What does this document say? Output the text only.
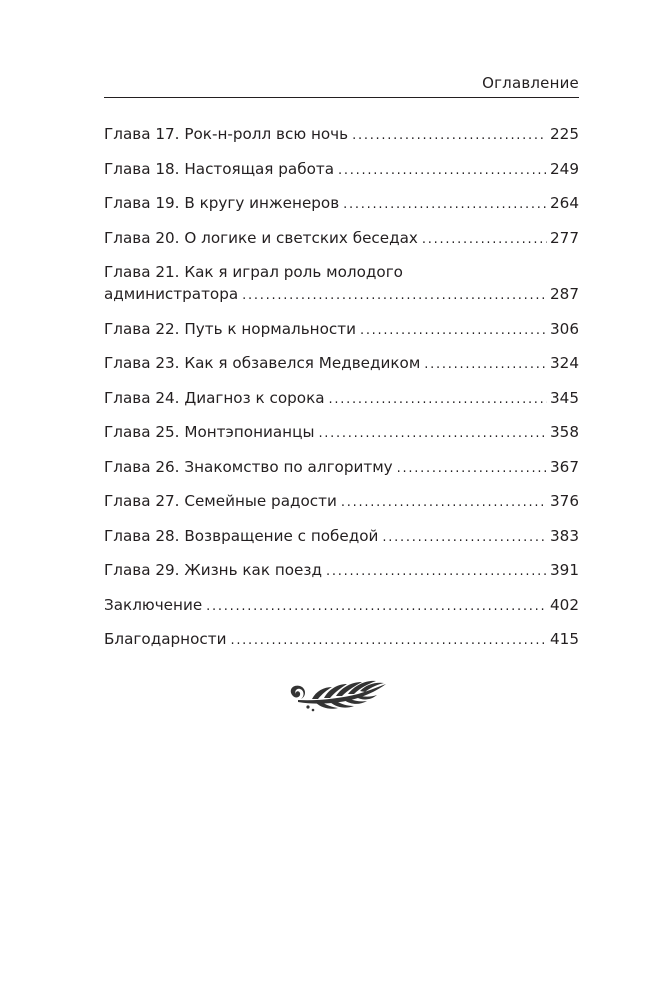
Оглавление
Глава 17. Рок-н-ролл всю ночь . . .	225
Глава 18. Настоящая работа . . .	249
Глава 19. В кругу инженеров . . .	264
Глава 20. О логике и светских беседах . . .	277
Глава 21. Как я играл роль молодого
администратора . . .	287
Глава 22. Путь к нормальности . . .	306
Глава 23. Как я обзавелся Медведиком . . .	324
Глава 24. Диагноз к сорока . . .	345
Глава 25. Монтэпонианцы . . .	358
Глава 26. Знакомство по алгоритму . . .	367
Глава 27. Семейные радости . . .	376
Глава 28. Возвращение с победой . . .	383
Глава 29. Жизнь как поезд . . .	391
Заключение . . .	402
Благодарности . . .	415
